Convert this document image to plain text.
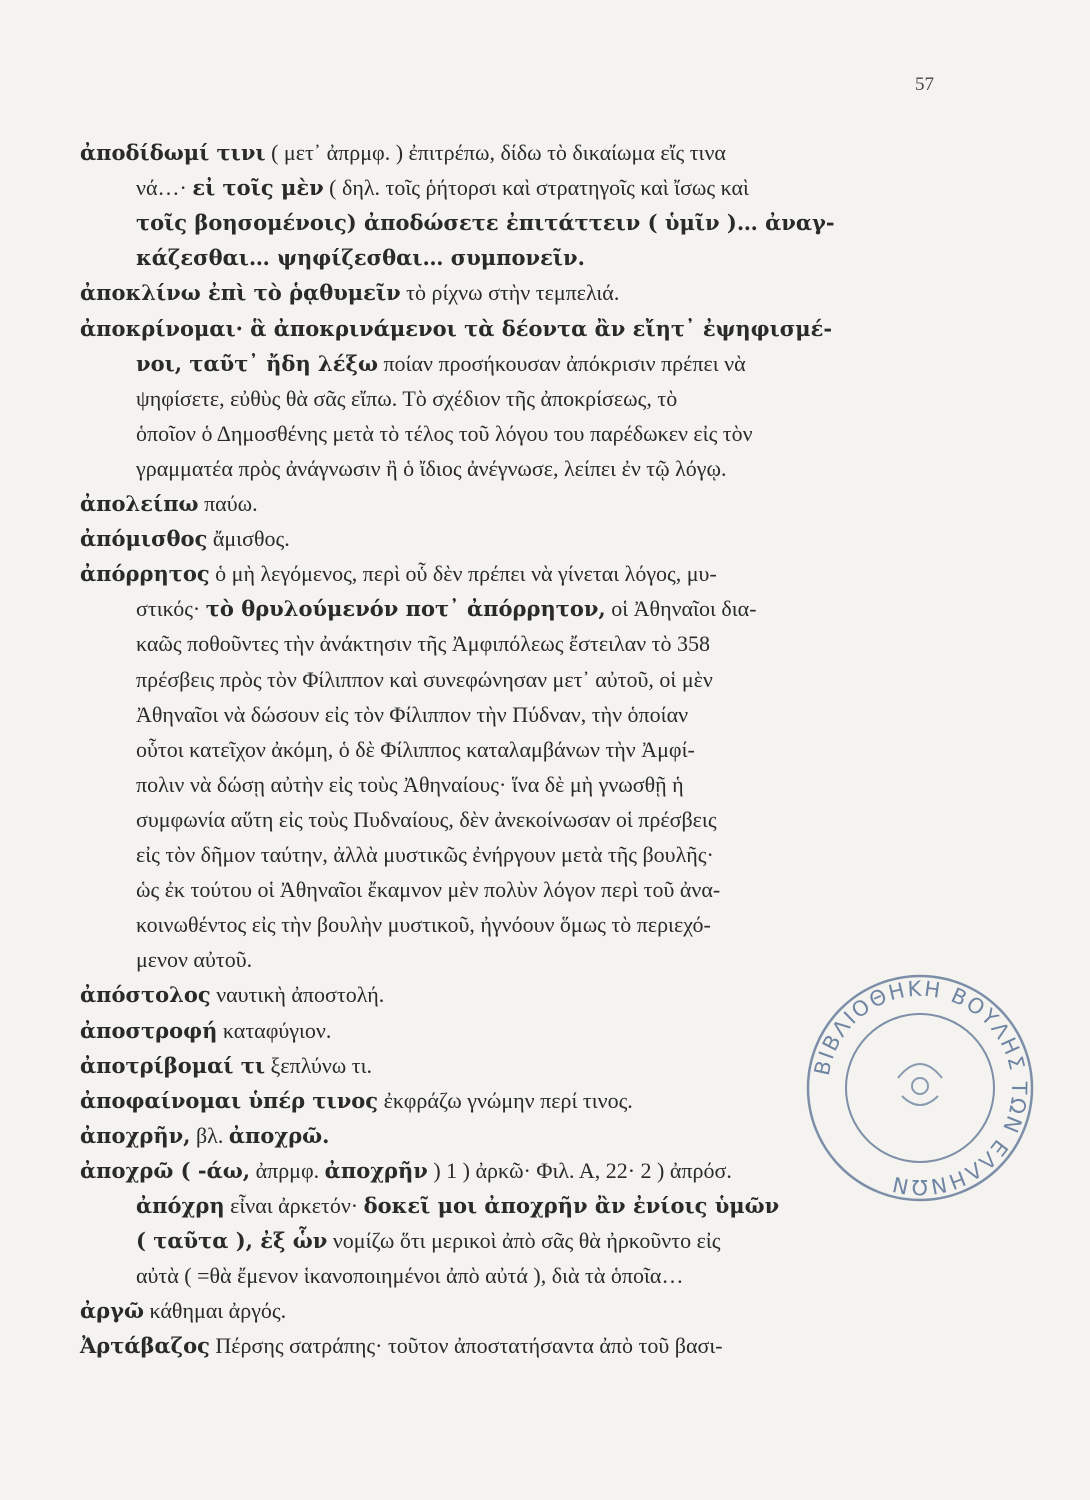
57
ἀποδίδωμί τινι ( μετ᾽ ἀπρμφ. ) ἐπιτρέπω, δίδω τὸ δικαίωμα εἴς τινα
νά…· εἰ τοῖς μὲν ( δηλ. τοῖς ῥήτορσι καὶ στρατηγοῖς καὶ ἴσως καὶ
τοῖς βοησομένοις) ἀποδώσετε ἐπιτάττειν ( ὑμῖν )… ἀναγ-
κάζεσθαι… ψηφίζεσθαι… συμπονεῖν.
ἀποκλίνω ἐπὶ τὸ ῥᾳθυμεῖν τὸ ρίχνω στὴν τεμπελιά.
ἀποκρίνομαι· ἃ ἀποκρινάμενοι τὰ δέοντα ἂν εἴητ᾽ ἐψηφισμέ-
νοι, ταῦτ᾽ ἤδη λέξω ποίαν προσήκουσαν ἀπόκρισιν πρέπει νὰ
ψηφίσετε, εὐθὺς θὰ σᾶς εἴπω. Τὸ σχέδιον τῆς ἀποκρίσεως, τὸ
ὁποῖον ὁ Δημοσθένης μετὰ τὸ τέλος τοῦ λόγου του παρέδωκεν εἰς τὸν
γραμματέα πρὸς ἀνάγνωσιν ἢ ὁ ἴδιος ἀνέγνωσε, λείπει ἐν τῷ λόγῳ.
ἀπολείπω παύω.
ἀπόμισθος ἄμισθος.
ἀπόρρητος ὁ μὴ λεγόμενος, περὶ οὗ δὲν πρέπει νὰ γίνεται λόγος, μυ-
στικός· τὸ θρυλούμενόν ποτ᾽ ἀπόρρητον, οἱ Ἀθηναῖοι δια-
καῶς ποθοῦντες τὴν ἀνάκτησιν τῆς Ἀμφιπόλεως ἔστειλαν τὸ 358
πρέσβεις πρὸς τὸν Φίλιππον καὶ συνεφώνησαν μετ᾽ αὐτοῦ, οἱ μὲν
Ἀθηναῖοι νὰ δώσουν εἰς τὸν Φίλιππον τὴν Πύδναν, τὴν ὁποίαν
οὗτοι κατεῖχον ἀκόμη, ὁ δὲ Φίλιππος καταλαμβάνων τὴν Ἀμφί-
πολιν νὰ δώσῃ αὐτὴν εἰς τοὺς Ἀθηναίους· ἵνα δὲ μὴ γνωσθῇ ἡ
συμφωνία αὕτη εἰς τοὺς Πυδναίους, δὲν ἀνεκοίνωσαν οἱ πρέσβεις
εἰς τὸν δῆμον ταύτην, ἀλλὰ μυστικῶς ἐνήργουν μετὰ τῆς βουλῆς·
ὡς ἐκ τούτου οἱ Ἀθηναῖοι ἔκαμνον μὲν πολὺν λόγον περὶ τοῦ ἀνα-
κοινωθέντος εἰς τὴν βουλὴν μυστικοῦ, ἠγνόουν ὅμως τὸ περιεχό-
μενον αὐτοῦ.
ἀπόστολος ναυτικὴ ἀποστολή.
ἀποστροφή καταφύγιον.
ἀποτρίβομαί τι ξεπλύνω τι.
ἀποφαίνομαι ὑπέρ τινος ἐκφράζω γνώμην περί τινος.
ἀποχρῆν, βλ. ἀποχρῶ.
ἀποχρῶ ( -άω, ἀπρμφ. ἀποχρῆν ) 1 ) ἀρκῶ· Φιλ. Α, 22· 2 ) ἀπρόσ.
ἀπόχρη εἶναι ἀρκετόν· δοκεῖ μοι ἀποχρῆν ἂν ἐνίοις ὑμῶν
( ταῦτα ), ἐξ ὧν νομίζω ὅτι μερικοὶ ἀπὸ σᾶς θὰ ἠρκοῦντο εἰς
αὐτὰ ( =θὰ ἔμενον ἱκανοποιημένοι ἀπὸ αὐτά ), διὰ τὰ ὁποῖα…
ἀργῶ κάθημαι ἀργός.
Ἀρτάβαζος Πέρσης σατράπης· τοῦτον ἀποστατήσαντα ἀπὸ τοῦ βασι-
ΒΙΒΛΙΟΘΗΚΗ ΒΟΥΛΗΣ ΤΩΝ ΕΛΛΗΝΩΝ
